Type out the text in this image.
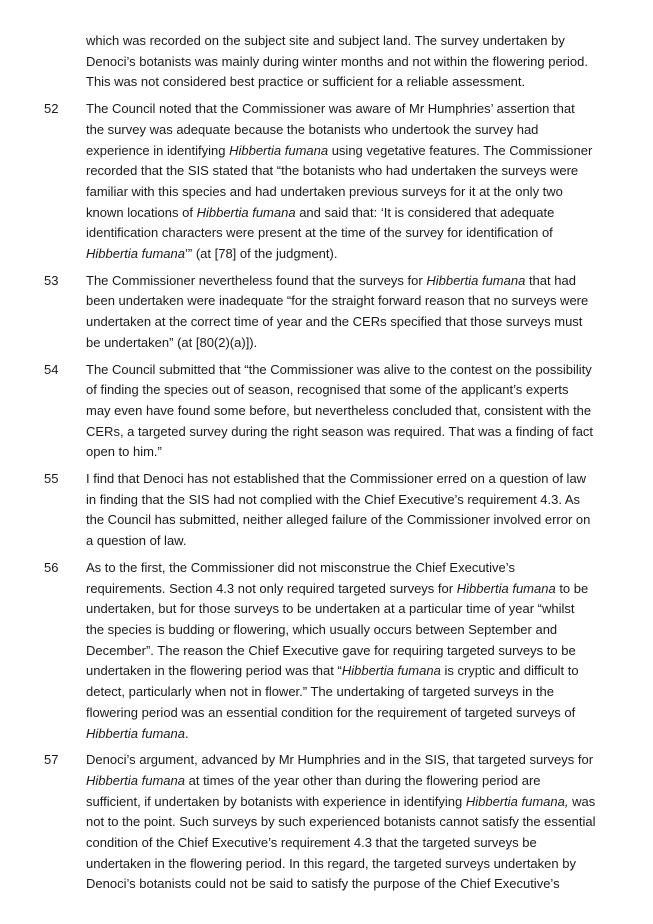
which was recorded on the subject site and subject land. The survey undertaken by Denoci’s botanists was mainly during winter months and not within the flowering period. This was not considered best practice or sufficient for a reliable assessment.
52	The Council noted that the Commissioner was aware of Mr Humphries’ assertion that the survey was adequate because the botanists who undertook the survey had experience in identifying Hibbertia fumana using vegetative features. The Commissioner recorded that the SIS stated that “the botanists who had undertaken the surveys were familiar with this species and had undertaken previous surveys for it at the only two known locations of Hibbertia fumana and said that: ‘It is considered that adequate identification characters were present at the time of the survey for identification of Hibbertia fumana’” (at [78] of the judgment).
53	The Commissioner nevertheless found that the surveys for Hibbertia fumana that had been undertaken were inadequate “for the straight forward reason that no surveys were undertaken at the correct time of year and the CERs specified that those surveys must be undertaken” (at [80(2)(a)]).
54	The Council submitted that “the Commissioner was alive to the contest on the possibility of finding the species out of season, recognised that some of the applicant’s experts may even have found some before, but nevertheless concluded that, consistent with the CERs, a targeted survey during the right season was required. That was a finding of fact open to him.”
55	I find that Denoci has not established that the Commissioner erred on a question of law in finding that the SIS had not complied with the Chief Executive’s requirement 4.3. As the Council has submitted, neither alleged failure of the Commissioner involved error on a question of law.
56	As to the first, the Commissioner did not misconstrue the Chief Executive’s requirements. Section 4.3 not only required targeted surveys for Hibbertia fumana to be undertaken, but for those surveys to be undertaken at a particular time of year “whilst the species is budding or flowering, which usually occurs between September and December”. The reason the Chief Executive gave for requiring targeted surveys to be undertaken in the flowering period was that “Hibbertia fumana is cryptic and difficult to detect, particularly when not in flower.” The undertaking of targeted surveys in the flowering period was an essential condition for the requirement of targeted surveys of Hibbertia fumana.
57	Denoci’s argument, advanced by Mr Humphries and in the SIS, that targeted surveys for Hibbertia fumana at times of the year other than during the flowering period are sufficient, if undertaken by botanists with experience in identifying Hibbertia fumana, was not to the point. Such surveys by such experienced botanists cannot satisfy the essential condition of the Chief Executive’s requirement 4.3 that the targeted surveys be undertaken in the flowering period. In this regard, the targeted surveys undertaken by Denoci’s botanists could not be said to satisfy the purpose of the Chief Executive’s
